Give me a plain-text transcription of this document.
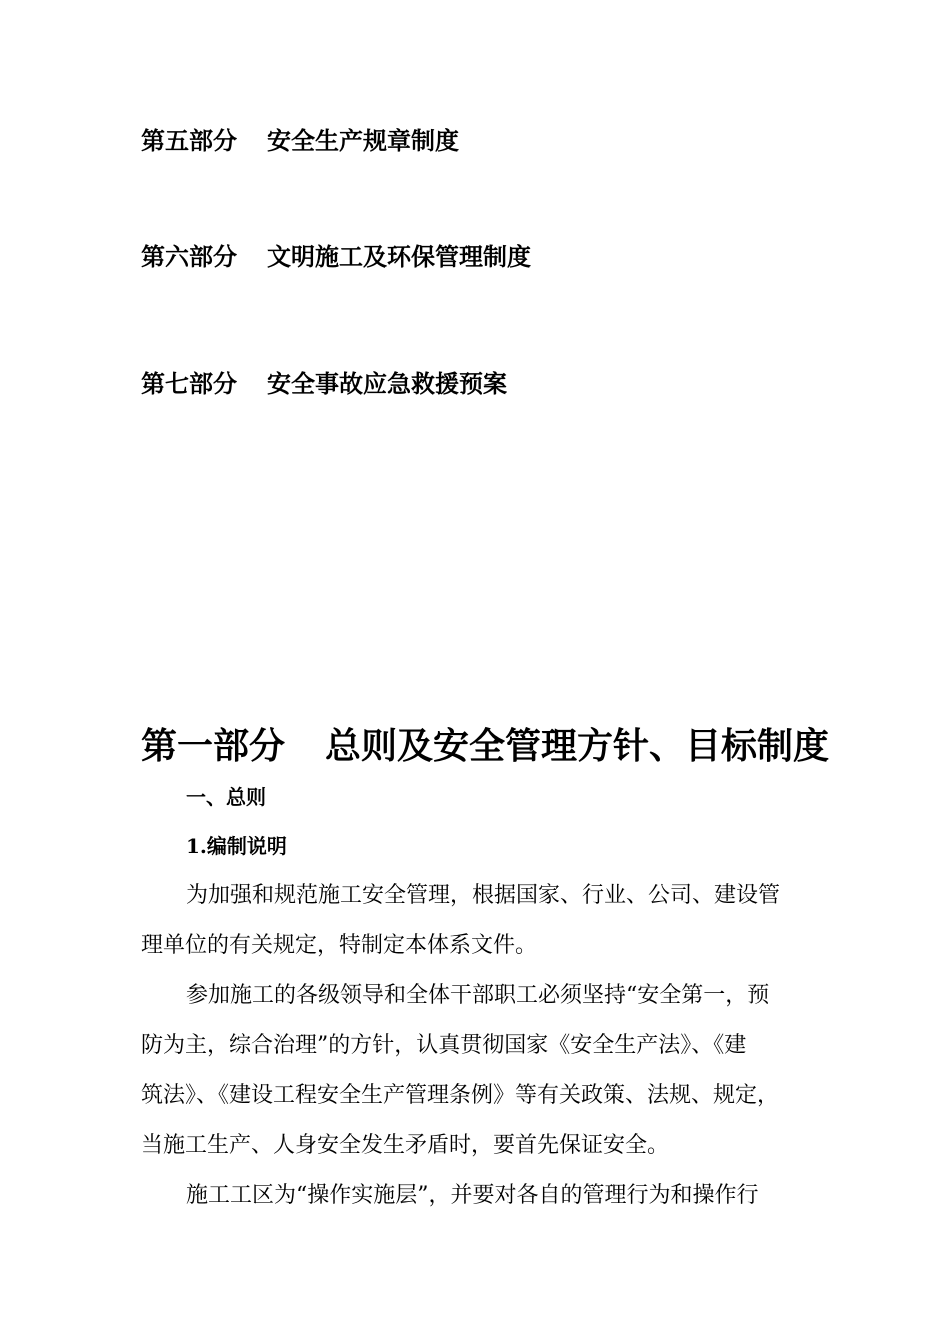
第五部分 安全生产规章制度
第六部分 文明施工及环保管理制度
第七部分 安全事故应急救援预案
第一部分 总则及安全管理方针、目标制度
一、总则
1.编制说明
为加强和规范施工安全管理，根据国家、行业、公司、建设管
理单位的有关规定，特制定本体系文件。
参加施工的各级领导和全体干部职工必须坚持“安全第一，预
防为主，综合治理”的方针，认真贯彻国家《安全生产法》、《建
筑法》、《建设工程安全生产管理条例》等有关政策、法规、规定，
当施工生产、人身安全发生矛盾时，要首先保证安全。
施工工区为“操作实施层”，并要对各自的管理行为和操作行
